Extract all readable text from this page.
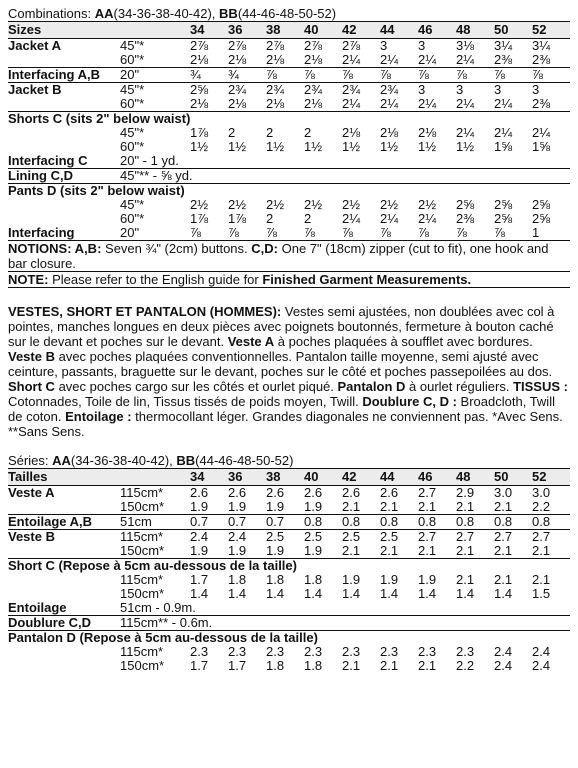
Combinations: AA(34-36-38-40-42), BB(44-46-48-50-52)
Sizes		34	36	38	40	42	44	46	48	50	52
Jacket A	45"*	2⅞	2⅞	2⅞	2⅞	2⅞	3	3	3⅛	3¼	3¼
	60"*	2⅛	2⅛	2⅛	2⅛	2¼	2¼	2¼	2¼	2⅜	2⅜
Interfacing A,B	20"	¾	¾	⅞	⅞	⅞	⅞	⅞	⅞	⅞	⅞
Jacket B	45"*	2⅝	2¾	2¾	2¾	2¾	2¾	3	3	3	3
	60"*	2⅛	2⅛	2⅛	2⅛	2¼	2¼	2¼	2¼	2¼	2⅜
Shorts C (sits 2" below waist)											
	45"*	1⅞	2	2	2	2⅛	2⅛	2⅛	2¼	2¼	2¼
	60"*	1½	1½	1½	1½	1½	1½	1½	1½	1⅝	1⅝
Interfacing C	20" - 1 yd.										
Lining C,D	45"** - ⅝ yd.										
Pants D (sits 2" below waist)											
	45"*	2½	2½	2½	2½	2½	2½	2½	2⅝	2⅝	2⅝
	60"*	1⅞	1⅞	2	2	2¼	2¼	2¼	2⅜	2⅝	2⅝
Interfacing	20"	⅞	⅞	⅞	⅞	⅞	⅞	⅞	⅞	⅞	1
NOTIONS: A,B: Seven ¾" (2cm) buttons. C,D: One 7" (18cm) zipper (cut to fit), one hook and bar closure.
NOTE: Please refer to the English guide for Finished Garment Measurements.

VESTES, SHORT ET PANTALON (HOMMES): Vestes semi ajustées, non doublées avec col à pointes, manches longues en deux pièces avec poignets boutonnés, fermeture à bouton caché sur le devant et poches sur le devant. Veste A à poches plaquées à soufflet avec bordures. Veste B avec poches plaquées conventionnelles. Pantalon taille moyenne, semi ajusté avec ceinture, passants, braguette sur le devant, poches sur le côté et poches passepoilées au dos. Short C avec poches cargo sur les côtés et ourlet piqué. Pantalon D à ourlet réguliers. TISSUS : Cotonnades, Toile de lin, Tissus tissés de poids moyen, Twill. Doublure C, D : Broadcloth, Twill de coton. Entoilage : thermocollant léger. Grandes diagonales ne conviennent pas. *Avec Sens. **Sans Sens.

Séries: AA(34-36-38-40-42), BB(44-46-48-50-52)
Tailles		34	36	38	40	42	44	46	48	50	52
Veste A	115cm*	2.6	2.6	2.6	2.6	2.6	2.6	2.7	2.9	3.0	3.0
	150cm*	1.9	1.9	1.9	1.9	2.1	2.1	2.1	2.1	2.1	2.2
Entoilage A,B	51cm	0.7	0.7	0.7	0.8	0.8	0.8	0.8	0.8	0.8	0.8
Veste B	115cm*	2.4	2.4	2.5	2.5	2.5	2.5	2.7	2.7	2.7	2.7
	150cm*	1.9	1.9	1.9	1.9	2.1	2.1	2.1	2.1	2.1	2.1
Short C (Repose à 5cm au-dessous de la taille)											
	115cm*	1.7	1.8	1.8	1.8	1.9	1.9	1.9	2.1	2.1	2.1
	150cm*	1.4	1.4	1.4	1.4	1.4	1.4	1.4	1.4	1.4	1.5
Entoilage	51cm - 0.9m.										
Doublure C,D	115cm** - 0.6m.										
Pantalon D (Repose à 5cm au-dessous de la taille)											
	115cm*	2.3	2.3	2.3	2.3	2.3	2.3	2.3	2.3	2.4	2.4
	150cm*	1.7	1.7	1.8	1.8	2.1	2.1	2.1	2.2	2.4	2.4
